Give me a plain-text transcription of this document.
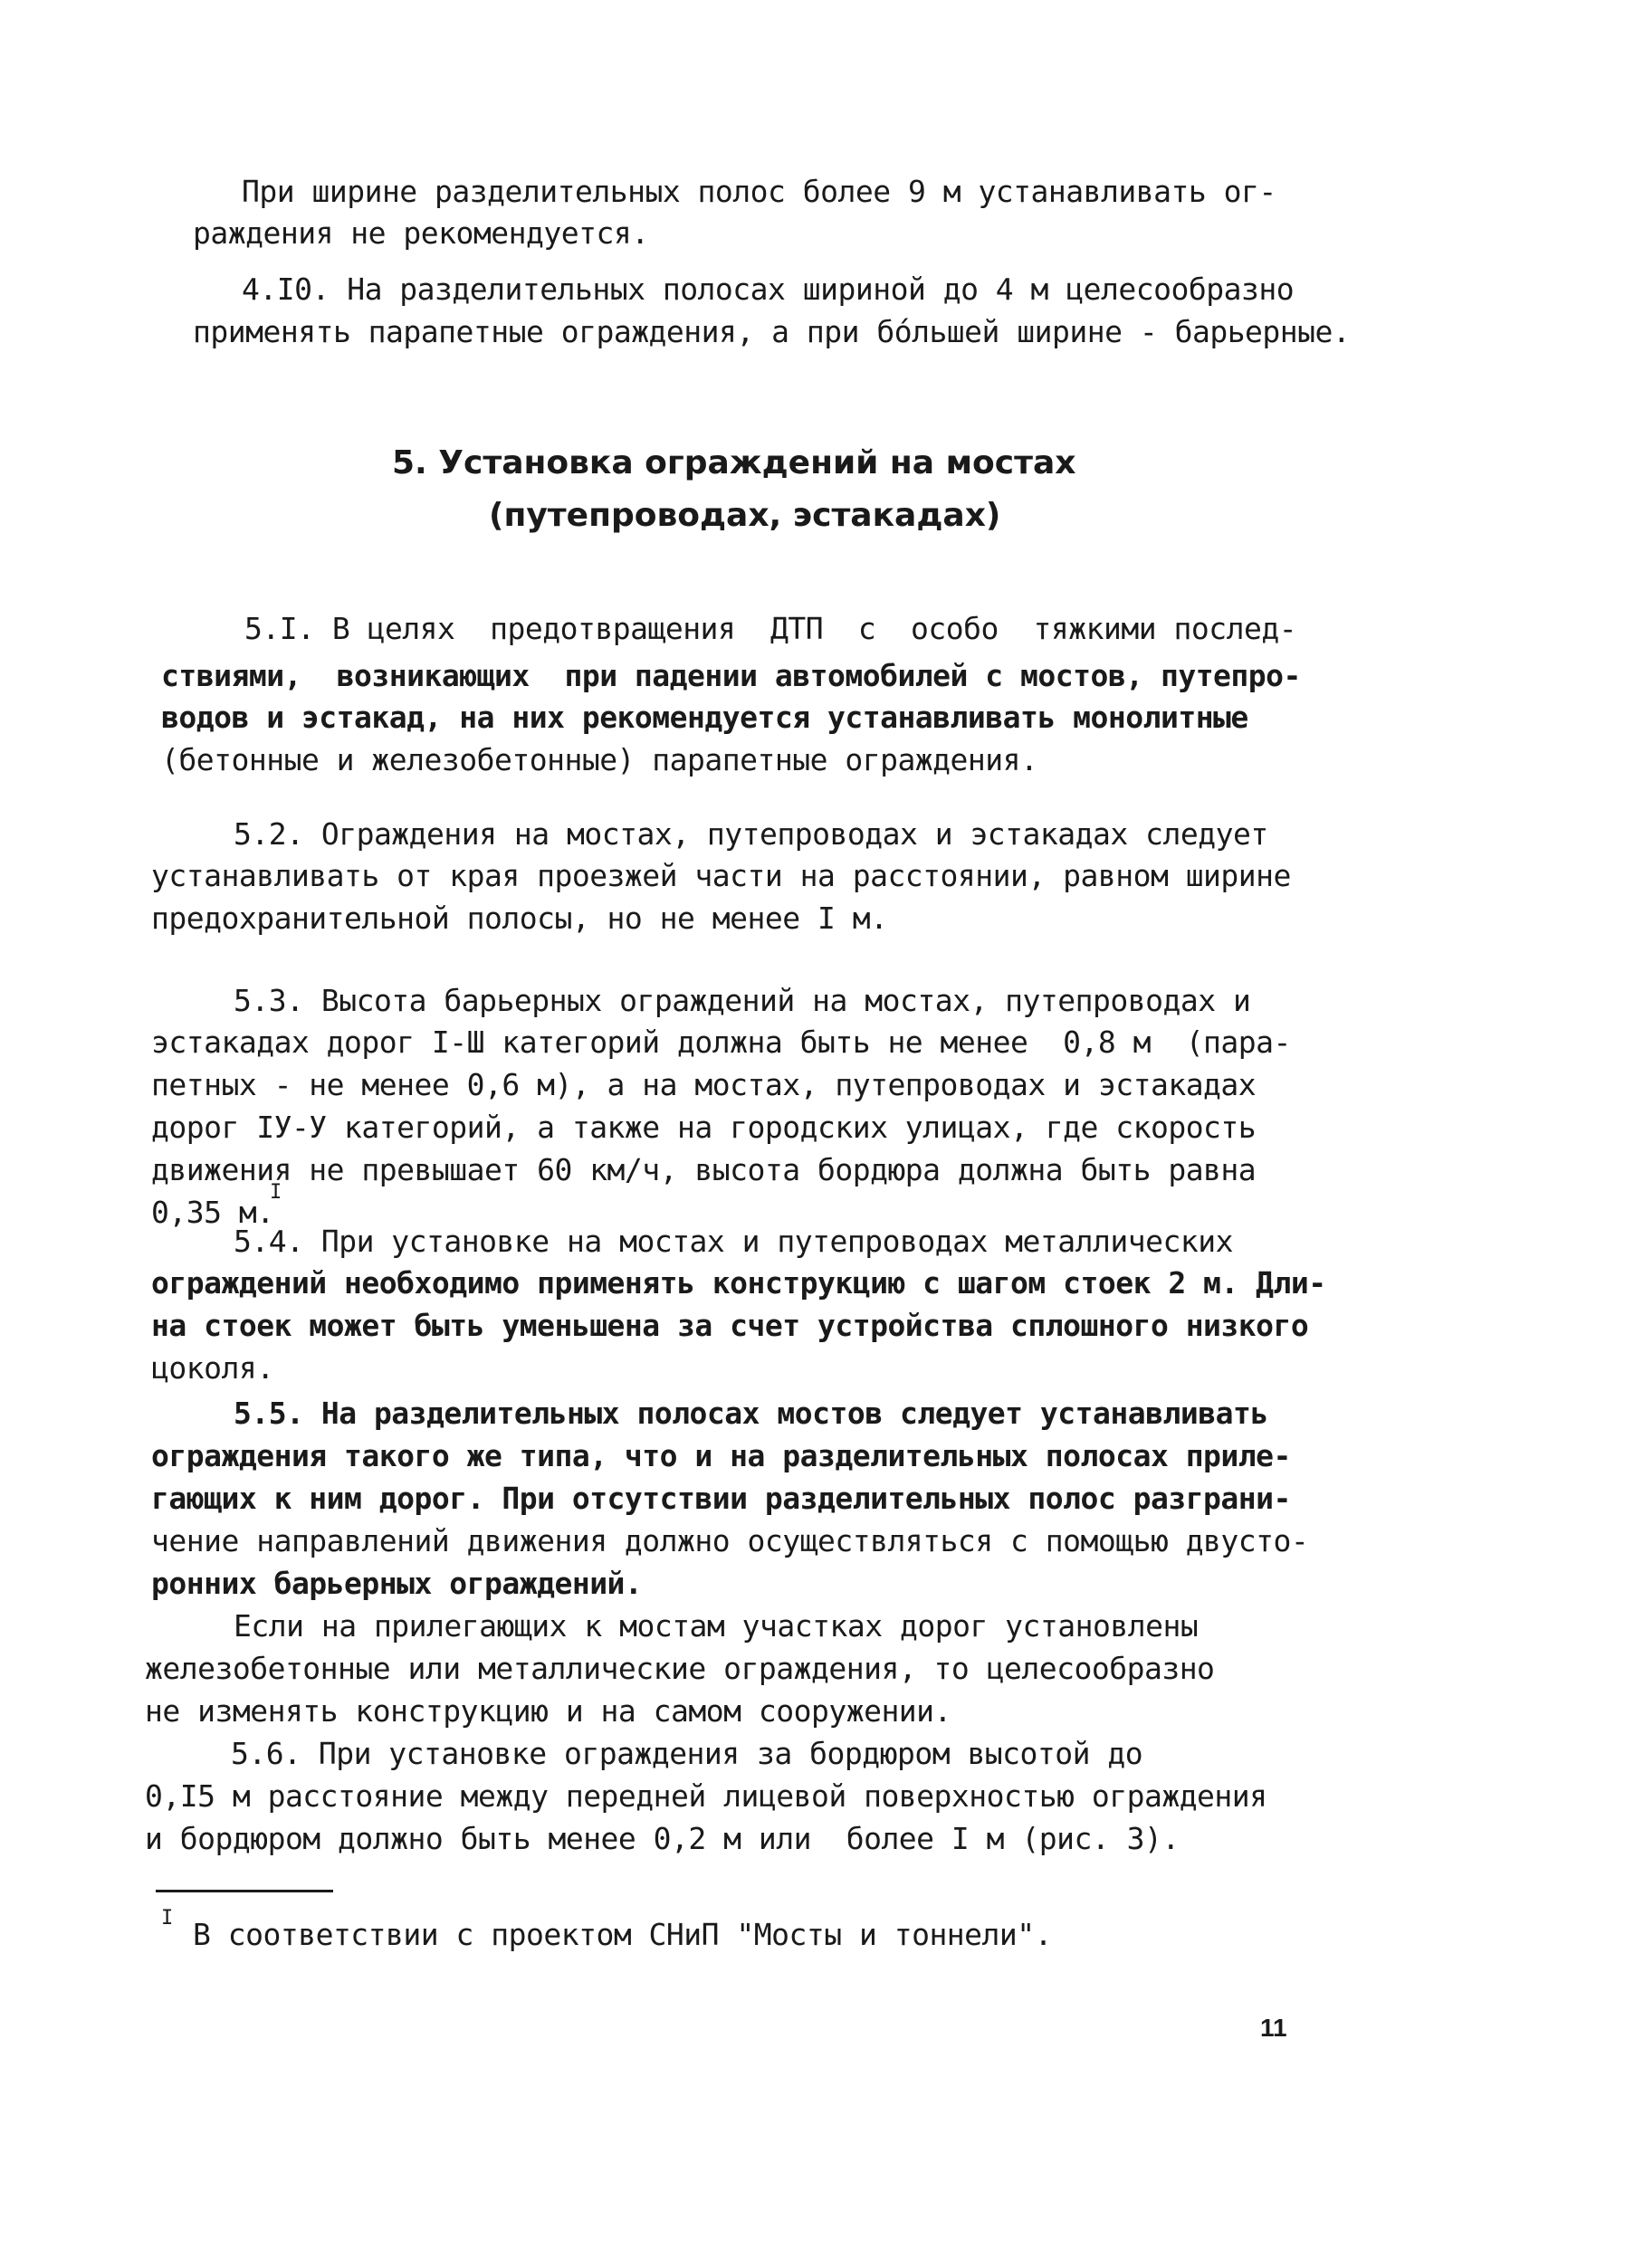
При ширине разделительных полос более 9 м устанавливать ог-
раждения не рекомендуется.
4.I0. На разделительных полосах шириной до 4 м целесообразно
применять парапетные ограждения, а при бо́льшей ширине - барьерные.
5. Установка ограждений на мостах
(путепроводах, эстакадах)
5.I. В целях  предотвращения  ДТП  с  особо  тяжкими послед-
ствиями,  возникающих  при падении автомобилей с мостов, путепро-
водов и эстакад, на них рекомендуется устанавливать монолитные
(бетонные и железобетонные) парапетные ограждения.
5.2. Ограждения на мостах, путепроводах и эстакадах следует
устанавливать от края проезжей части на расстоянии, равном ширине
предохранительной полосы, но не менее I м.
5.3. Высота барьерных ограждений на мостах, путепроводах и
эстакадах дорог I-Ш категорий должна быть не менее  0,8 м  (пара-
петных - не менее 0,6 м), а на мостах, путепроводах и эстакадах
дорог IУ-У категорий, а также на городских улицах, где скорость
движения не превышает 60 км/ч, высота бордюра должна быть равна
0,35 м.
I
5.4. При установке на мостах и путепроводах металлических
ограждений необходимо применять конструкцию с шагом стоек 2 м. Дли-
на стоек может быть уменьшена за счет устройства сплошного низкого
цоколя.
5.5. На разделительных полосах мостов следует устанавливать
ограждения такого же типа, что и на разделительных полосах приле-
гающих к ним дорог. При отсутствии разделительных полос разграни-
чение направлений движения должно осуществляться с помощью двусто-
ронних барьерных ограждений.
Если на прилегающих к мостам участках дорог установлены
железобетонные или металлические ограждения, то целесообразно
не изменять конструкцию и на самом сооружении.
5.6. При установке ограждения за бордюром высотой до
0,I5 м расстояние между передней лицевой поверхностью ограждения
и бордюром должно быть менее 0,2 м или  более I м (рис. 3).
I В соответствии с проектом СНиП "Мосты и тоннели".
11
